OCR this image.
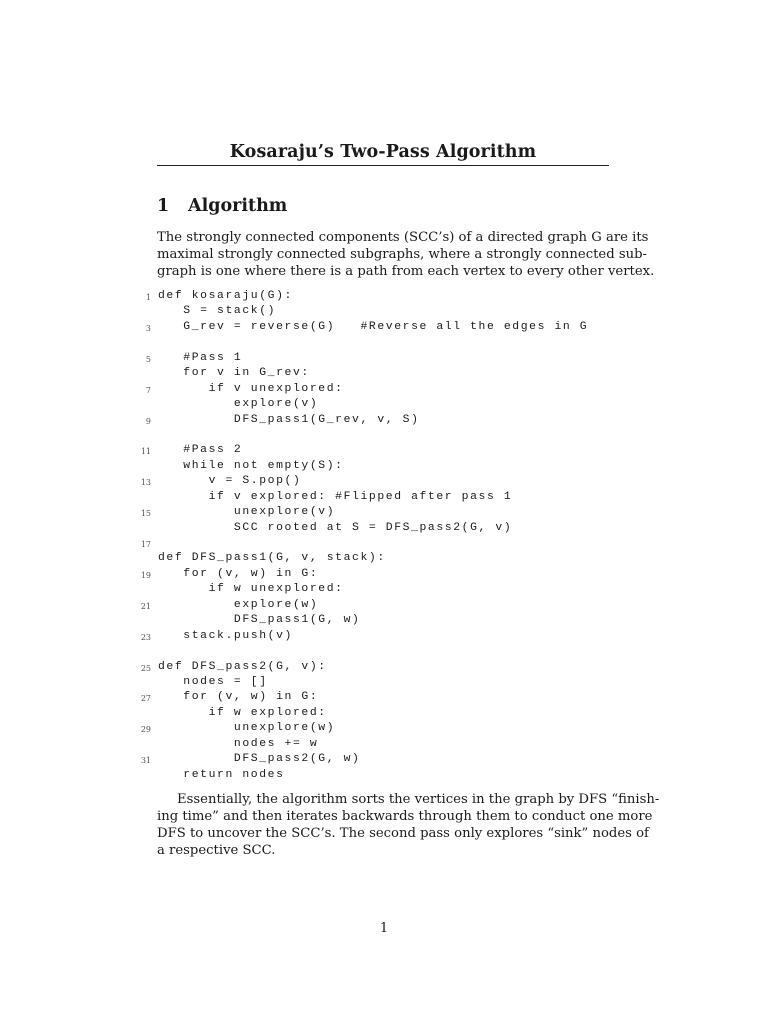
Kosaraju’s Two-Pass Algorithm
1 Algorithm
The strongly connected components (SCC’s) of a directed graph G are its
maximal strongly connected subgraphs, where a strongly connected sub-
graph is one where there is a path from each vertex to every other vertex.
1 def kosaraju(G):
S = stack()
3 G_rev = reverse(G)   #Reverse all the edges in G
5 #Pass 1
for v in G_rev:
7 if v unexplored:
explore(v)
9 DFS_pass1(G_rev, v, S)
11 #Pass 2
while not empty(S):
13 v = S.pop()
if v explored: #Flipped after pass 1
15 unexplore(v)
SCC rooted at S = DFS_pass2(G, v)
17
def DFS_pass1(G, v, stack):
19 for (v, w) in G:
if w unexplored:
21 explore(w)
DFS_pass1(G, w)
23 stack.push(v)
25 def DFS_pass2(G, v):
nodes = []
27 for (v, w) in G:
if w explored:
29 unexplore(w)
nodes += w
31 DFS_pass2(G, w)
return nodes
Essentially, the algorithm sorts the vertices in the graph by DFS “finish-
ing time” and then iterates backwards through them to conduct one more
DFS to uncover the SCC’s. The second pass only explores “sink” nodes of
a respective SCC.
1
